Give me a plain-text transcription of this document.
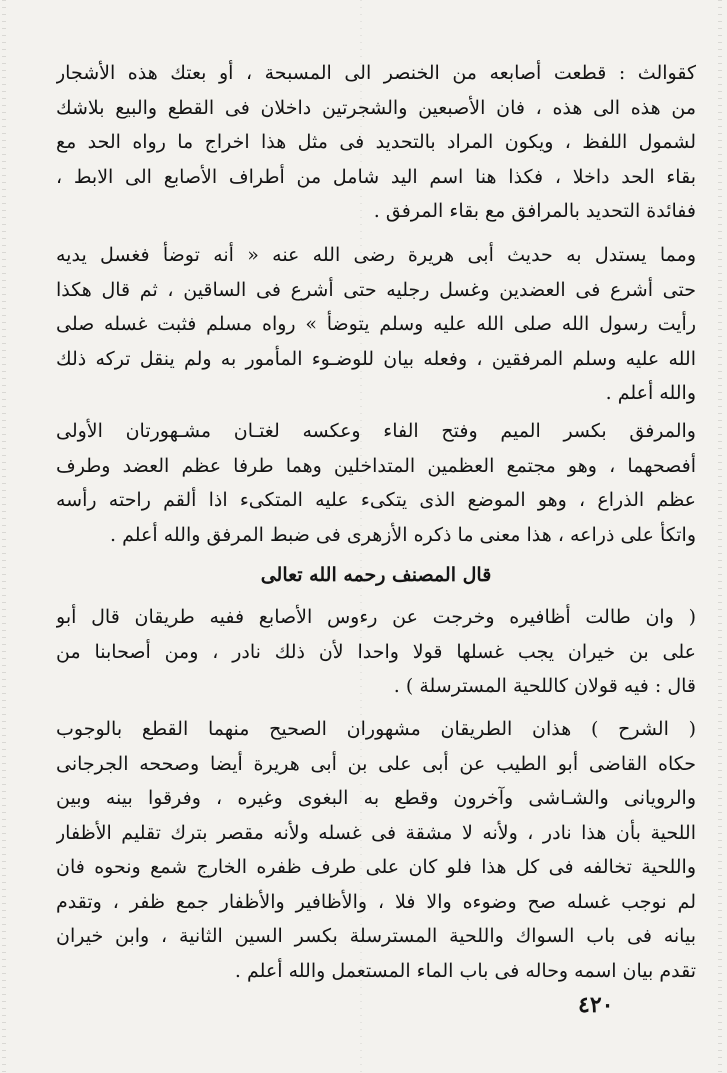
كقوالث : قطعت أصابعه من الخنصر الى المسبحة ، أو بعتك هذه الأشجار
من هذه الى هذه ، فان الأصبعين والشجرتين داخلان فى القطع والبيع بلاشك
لشمول اللفظ ، ويكون المراد بالتحديد فى مثل هذا اخراج ما رواه الحد مع
بقاء الحد داخلا ، فكذا هنا اسم اليد شامل من أطراف الأصابع الى الابط ،
ففائدة التحديد بالمرافق مع بقاء المرفق .
ومما يستدل به حديث أبى هريرة رضى الله عنه « أنه توضأ فغسل يديه
حتى أشرع فى العضدين وغسل رجليه حتى أشرع فى الساقين ، ثم قال هكذا
رأيت رسول الله صلى الله عليه وسلم يتوضأ » رواه مسلم فثبت غسله صلى
الله عليه وسلم المرفقين ، وفعله بيان للوضـوء المأمور به ولم ينقل تركه ذلك
والله أعلم .
والمرفق بكسر الميم وفتح الفاء وعكسه لغتـان مشـهورتان الأولى
أفصحهما ، وهو مجتمع العظمين المتداخلين وهما طرفا عظم العضد وطرف
عظم الذراع ، وهو الموضع الذى يتكىء عليه المتكىء اذا ألقم راحته رأسه
واتكأ على ذراعه ، هذا معنى ما ذكره الأزهرى فى ضبط المرفق والله أعلم .
قال المصنف رحمه الله تعالى
( وان طالت أظافيره وخرجت عن رءوس الأصابع ففيه طريقان قال أبو
على بن خيران يجب غسلها قولا واحدا لأن ذلك نادر ، ومن أصحابنا من
قال : فيه قولان كاللحية المسترسلة ) .
( الشرح ) هذان الطريقان مشهوران الصحيح منهما القطع بالوجوب
حكاه القاضى أبو الطيب عن أبى على بن أبى هريرة أيضا وصححه الجرجانى
والرويانى والشـاشى وآخرون وقطع به البغوى وغيره ، وفرقوا بينه وبين
اللحية بأن هذا نادر ، ولأنه لا مشقة فى غسله ولأنه مقصر بترك تقليم الأظفار
واللحية تخالفه فى كل هذا فلو كان على طرف ظفره الخارج شمع ونحوه فان
لم نوجب غسله صح وضوءه والا فلا ، والأظافير والأظفار جمع ظفر ، وتقدم
بيانه فى باب السواك واللحية المسترسلة بكسر السين الثانية ، وابن خيران
تقدم بيان اسمه وحاله فى باب الماء المستعمل والله أعلم .
٤٢٠
